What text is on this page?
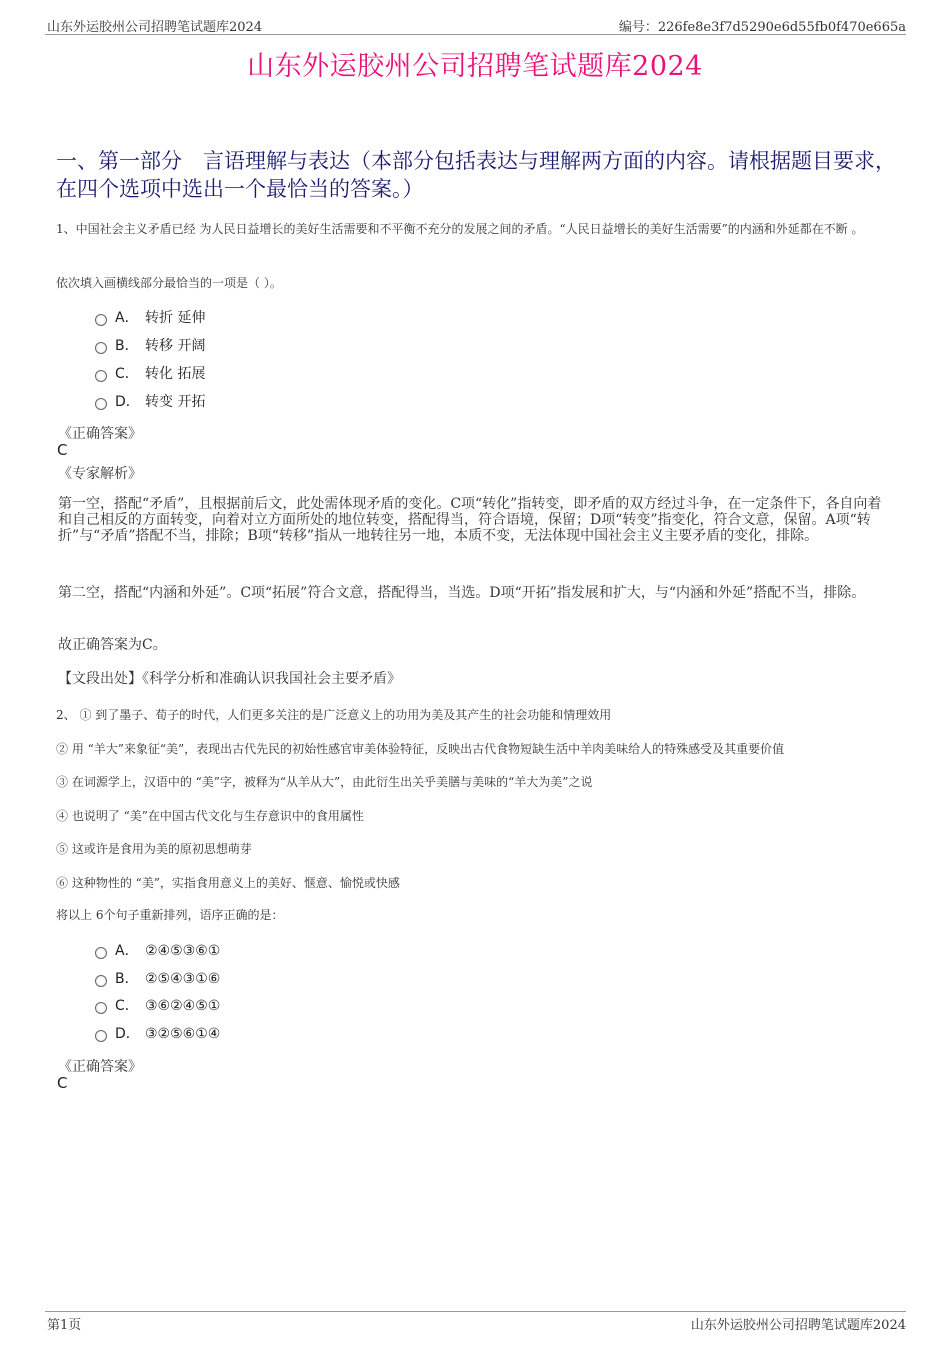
山东外运胶州公司招聘笔试题库2024	编号：226fe8e3f7d5290e6d55fb0f470e665a
山东外运胶州公司招聘笔试题库2024
一、第一部分　言语理解与表达（本部分包括表达与理解两方面的内容。请根据题目要求，在四个选项中选出一个最恰当的答案。）
1、中国社会主义矛盾已经 为人民日益增长的美好生活需要和不平衡不充分的发展之间的矛盾。“人民日益增长的美好生活需要”的内涵和外延都在不断 。
依次填入画横线部分最恰当的一项是（ ）。
A． 转折 延伸
B． 转移 开阔
C． 转化 拓展
D． 转变 开拓
《正确答案》
C
《专家解析》
第一空，搭配“矛盾”，且根据前后文，此处需体现矛盾的变化。C项“转化”指转变，即矛盾的双方经过斗争，在一定条件下，各自向着和自己相反的方面转变，向着对立方面所处的地位转变，搭配得当，符合语境，保留；D项“转变”指变化，符合文意，保留。A项“转折”与“矛盾”搭配不当，排除；B项“转移”指从一地转往另一地，本质不变，无法体现中国社会主义主要矛盾的变化，排除。
第二空，搭配“内涵和外延”。C项“拓展”符合文意，搭配得当，当选。D项“开拓”指发展和扩大，与“内涵和外延”搭配不当，排除。
故正确答案为C。
【文段出处】《科学分析和准确认识我国社会主要矛盾》
2、 ① 到了墨子、荀子的时代，人们更多关注的是广泛意义上的功用为美及其产生的社会功能和情理效用
② 用 “羊大”来象征“美”，表现出古代先民的初始性感官审美体验特征，反映出古代食物短缺生活中羊肉美味给人的特殊感受及其重要价值
③ 在词源学上，汉语中的 “美”字，被释为“从羊从大”，由此衍生出关乎美膳与美味的“羊大为美”之说
④ 也说明了 “美”在中国古代文化与生存意识中的食用属性
⑤ 这或许是食用为美的原初思想萌芽
⑥ 这种物性的 “美”，实指食用意义上的美好、惬意、愉悦或快感
将以上 6个句子重新排列，语序正确的是：
A． ②④⑤③⑥①
B． ②⑤④③①⑥
C． ③⑥②④⑤①
D． ③②⑤⑥①④
《正确答案》
C
第1页	山东外运胶州公司招聘笔试题库2024
